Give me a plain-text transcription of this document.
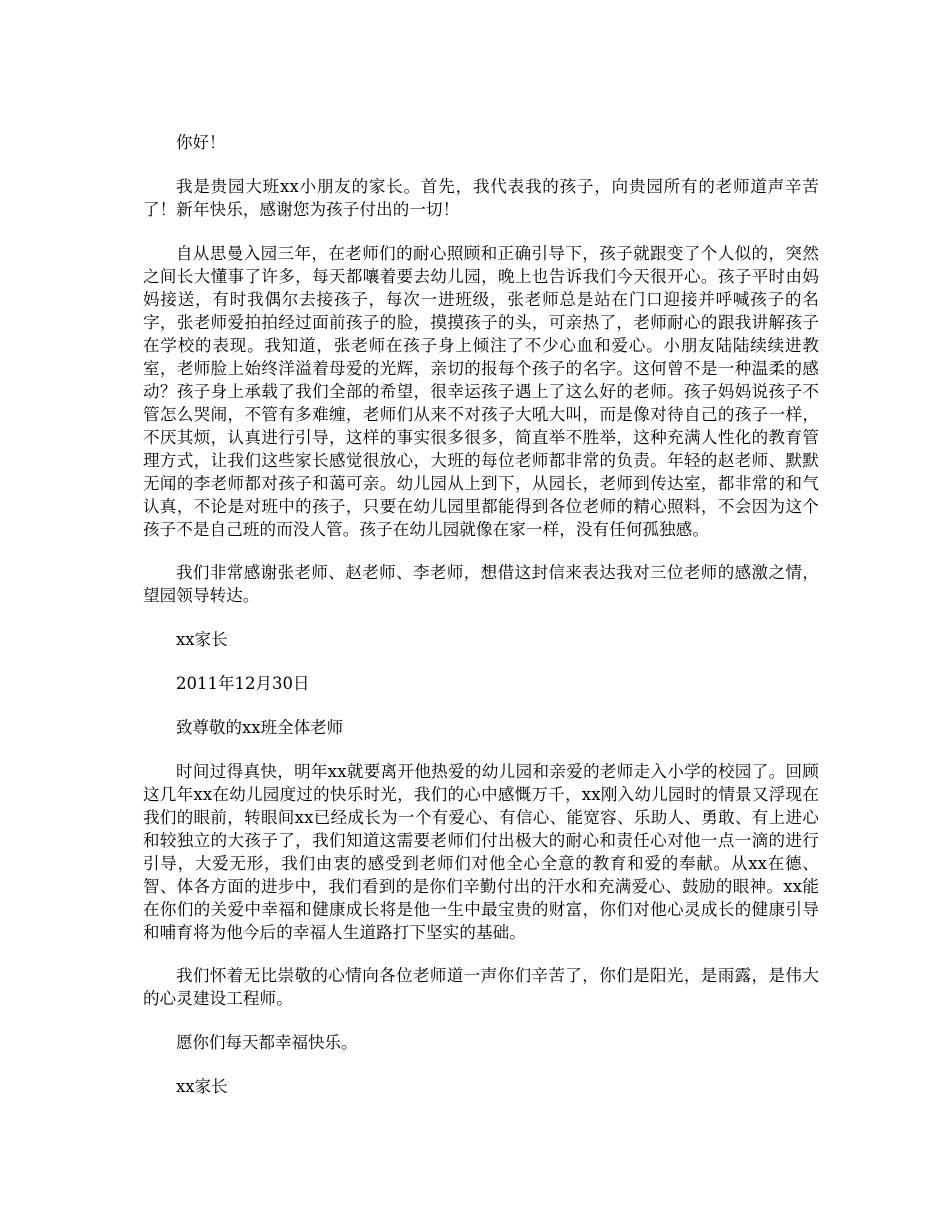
你好！

我是贵园大班xx小朋友的家长。首先，我代表我的孩子，向贵园所有的老师道声辛苦了！新年快乐，感谢您为孩子付出的一切！

自从思曼入园三年，在老师们的耐心照顾和正确引导下，孩子就跟变了个人似的，突然之间长大懂事了许多，每天都嚷着要去幼儿园，晚上也告诉我们今天很开心。孩子平时由妈妈接送，有时我偶尔去接孩子，每次一进班级，张老师总是站在门口迎接并呼喊孩子的名字，张老师爱拍拍经过面前孩子的脸，摸摸孩子的头，可亲热了，老师耐心的跟我讲解孩子在学校的表现。我知道，张老师在孩子身上倾注了不少心血和爱心。小朋友陆陆续续进教室，老师脸上始终洋溢着母爱的光辉，亲切的报每个孩子的名字。这何曾不是一种温柔的感动？孩子身上承载了我们全部的希望，很幸运孩子遇上了这么好的老师。孩子妈妈说孩子不管怎么哭闹，不管有多难缠，老师们从来不对孩子大吼大叫，而是像对待自己的孩子一样，不厌其烦，认真进行引导，这样的事实很多很多，简直举不胜举，这种充满人性化的教育管理方式，让我们这些家长感觉很放心，大班的每位老师都非常的负责。年轻的赵老师、默默无闻的李老师都对孩子和蔼可亲。幼儿园从上到下，从园长，老师到传达室，都非常的和气认真，不论是对班中的孩子，只要在幼儿园里都能得到各位老师的精心照料，不会因为这个孩子不是自己班的而没人管。孩子在幼儿园就像在家一样，没有任何孤独感。

我们非常感谢张老师、赵老师、李老师，想借这封信来表达我对三位老师的感激之情，望园领导转达。

xx家长

2011年12月30日

致尊敬的xx班全体老师

时间过得真快，明年xx就要离开他热爱的幼儿园和亲爱的老师走入小学的校园了。回顾这几年xx在幼儿园度过的快乐时光，我们的心中感慨万千，xx刚入幼儿园时的情景又浮现在我们的眼前，转眼间xx已经成长为一个有爱心、有信心、能宽容、乐助人、勇敢、有上进心和较独立的大孩子了，我们知道这需要老师们付出极大的耐心和责任心对他一点一滴的进行引导，大爱无形，我们由衷的感受到老师们对他全心全意的教育和爱的奉献。从xx在德、智、体各方面的进步中，我们看到的是你们辛勤付出的汗水和充满爱心、鼓励的眼神。xx能在你们的关爱中幸福和健康成长将是他一生中最宝贵的财富，你们对他心灵成长的健康引导和哺育将为他今后的幸福人生道路打下坚实的基础。

我们怀着无比崇敬的心情向各位老师道一声你们辛苦了，你们是阳光，是雨露，是伟大的心灵建设工程师。

愿你们每天都幸福快乐。

xx家长
